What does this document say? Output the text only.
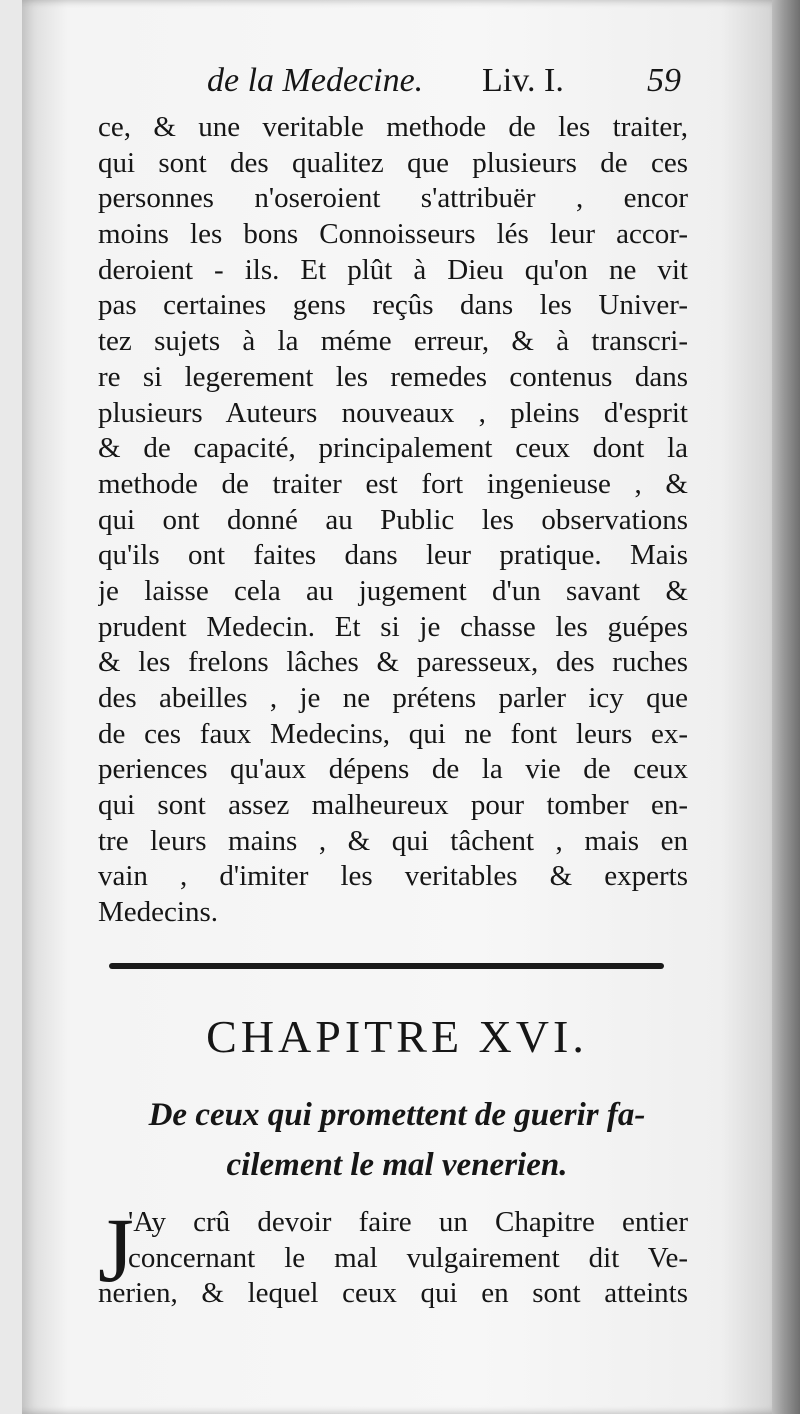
de la Medecine. Liv. I. 59
ce, & une veritable methode de les traiter,
qui sont des qualitez que plusieurs de ces
personnes n'oseroient s'attribuër , encor
moins les bons Connoisseurs lés leur accor-
deroient - ils. Et plût à Dieu qu'on ne vit
pas certaines gens reçûs dans les Univer-
tez sujets à la méme erreur, & à transcri-
re si legerement les remedes contenus dans
plusieurs Auteurs nouveaux , pleins d'esprit
& de capacité, principalement ceux dont la
methode de traiter est fort ingenieuse , &
qui ont donné au Public les observations
qu'ils ont faites dans leur pratique. Mais
je laisse cela au jugement d'un savant &
prudent Medecin. Et si je chasse les guépes
& les frelons lâches & paresseux, des ruches
des abeilles , je ne prétens parler icy que
de ces faux Medecins, qui ne font leurs ex-
periences qu'aux dépens de la vie de ceux
qui sont assez malheureux pour tomber en-
tre leurs mains , & qui tâchent , mais en
vain , d'imiter les veritables & experts
Medecins.
CHAPITRE XVI.
De ceux qui promettent de guerir fa-
cilement le mal venerien.
J
'Ay crû devoir faire un Chapitre entier
concernant le mal vulgairement dit Ve-
nerien, & lequel ceux qui en sont atteints
